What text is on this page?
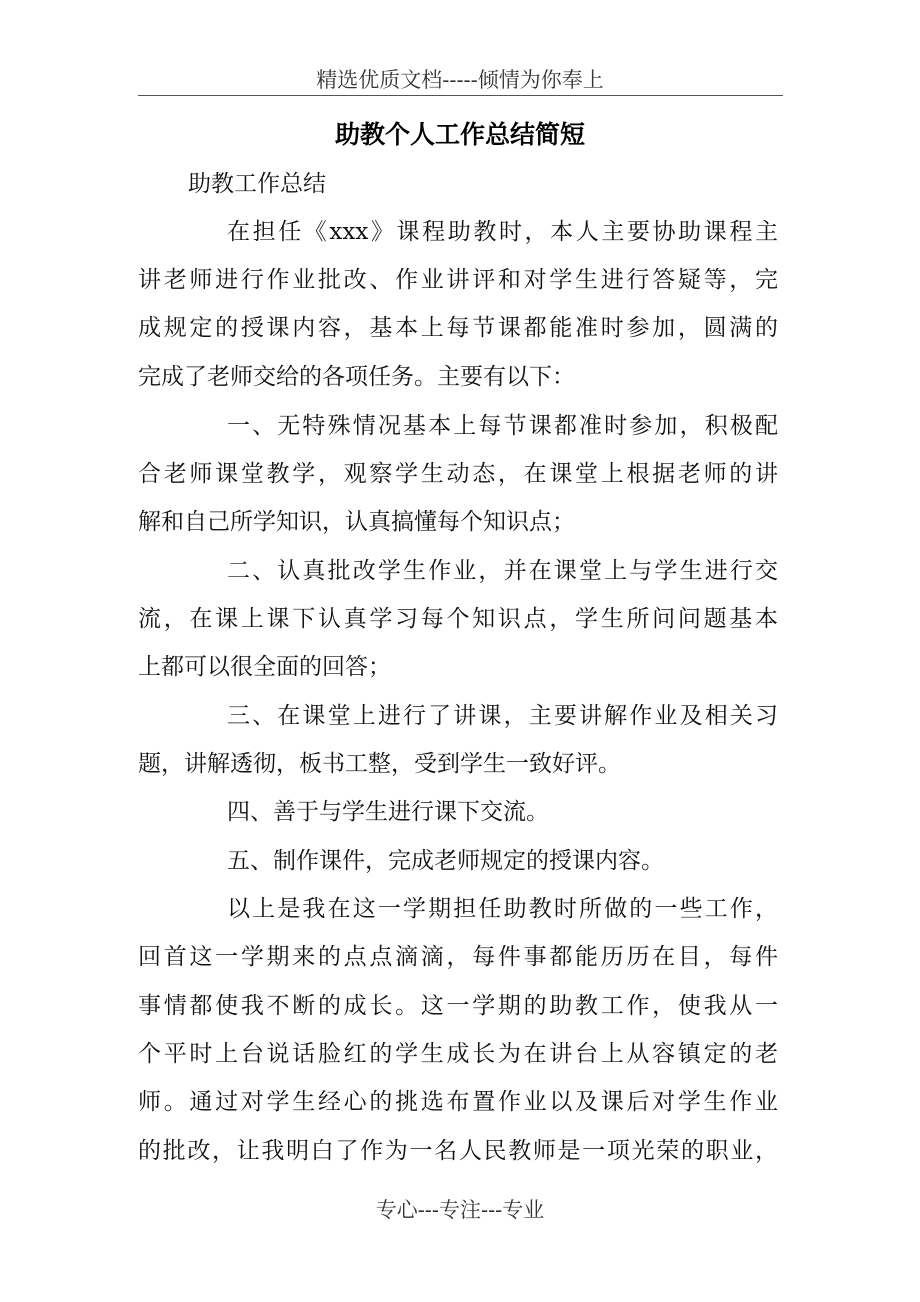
精选优质文档-----倾情为你奉上
助教个人工作总结简短
助教工作总结
在担任《xxx》课程助教时，本人主要协助课程主
讲老师进行作业批改、作业讲评和对学生进行答疑等，完
成规定的授课内容，基本上每节课都能准时参加，圆满的
完成了老师交给的各项任务。主要有以下：
一、无特殊情况基本上每节课都准时参加，积极配
合老师课堂教学，观察学生动态，在课堂上根据老师的讲
解和自己所学知识，认真搞懂每个知识点；
二、认真批改学生作业，并在课堂上与学生进行交
流，在课上课下认真学习每个知识点，学生所问问题基本
上都可以很全面的回答；
三、在课堂上进行了讲课，主要讲解作业及相关习
题，讲解透彻，板书工整，受到学生一致好评。
四、善于与学生进行课下交流。
五、制作课件，完成老师规定的授课内容。
以上是我在这一学期担任助教时所做的一些工作，
回首这一学期来的点点滴滴，每件事都能历历在目，每件
事情都使我不断的成长。这一学期的助教工作，使我从一
个平时上台说话脸红的学生成长为在讲台上从容镇定的老
师。通过对学生经心的挑选布置作业以及课后对学生作业
的批改，让我明白了作为一名人民教师是一项光荣的职业，
专心---专注---专业
